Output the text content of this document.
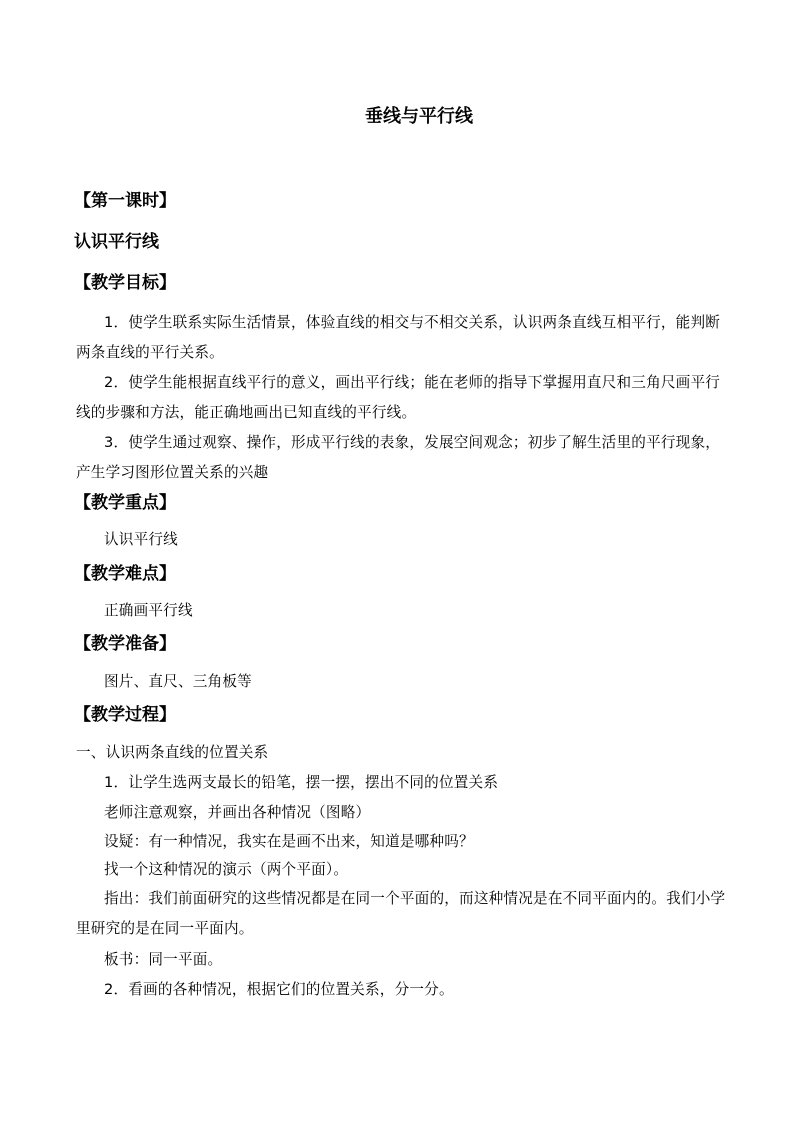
垂线与平行线
【第一课时】
认识平行线
【教学目标】
1．使学生联系实际生活情景，体验直线的相交与不相交关系，认识两条直线互相平行，能判断两条直线的平行关系。
2．使学生能根据直线平行的意义，画出平行线；能在老师的指导下掌握用直尺和三角尺画平行线的步骤和方法，能正确地画出已知直线的平行线。
3．使学生通过观察、操作，形成平行线的表象，发展空间观念；初步了解生活里的平行现象，产生学习图形位置关系的兴趣
【教学重点】
认识平行线
【教学难点】
正确画平行线
【教学准备】
图片、直尺、三角板等
【教学过程】
一、认识两条直线的位置关系
1．让学生选两支最长的铅笔，摆一摆，摆出不同的位置关系
老师注意观察，并画出各种情况（图略）
设疑：有一种情况，我实在是画不出来，知道是哪种吗？
找一个这种情况的演示（两个平面）。
指出：我们前面研究的这些情况都是在同一个平面的，而这种情况是在不同平面内的。我们小学里研究的是在同一平面内。
板书：同一平面。
2．看画的各种情况，根据它们的位置关系，分一分。
